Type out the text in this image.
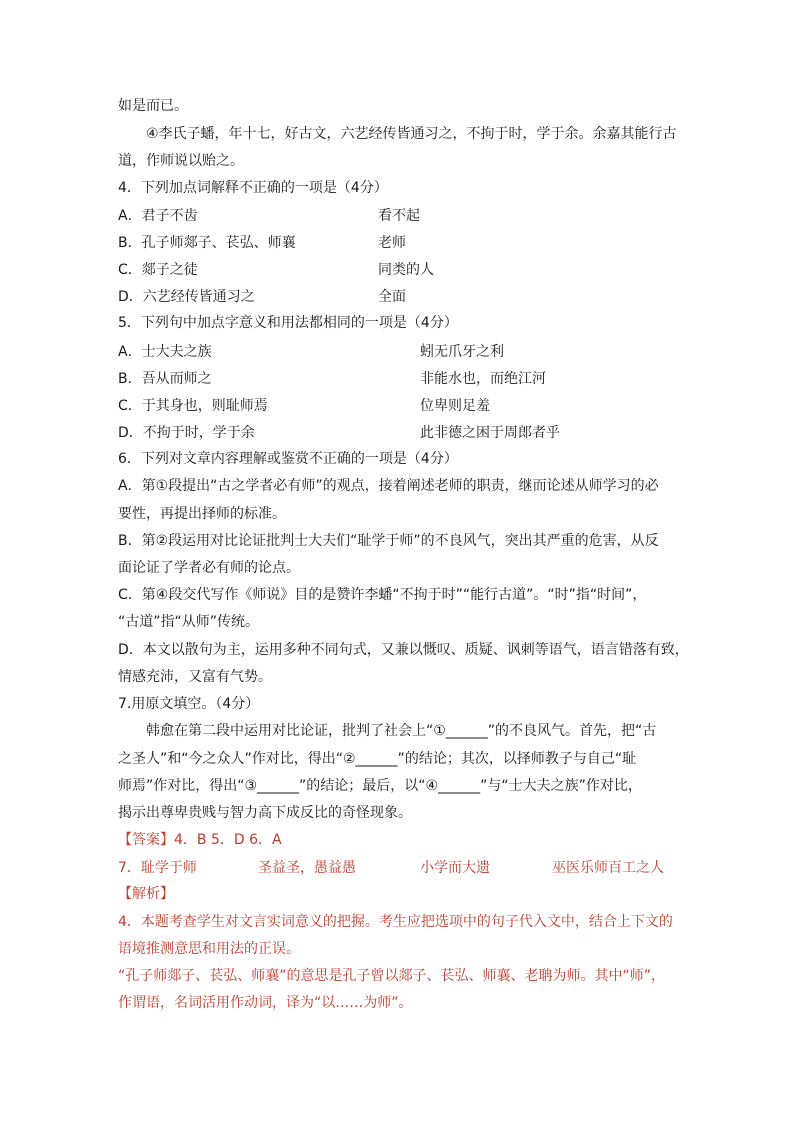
如是而已。
④李氏子蟠，年十七，好古文，六艺经传皆通习之，不拘于时，学于余。余嘉其能行古
道，作师说以贻之。
4．下列加点词解释不正确的一项是（4分）
A．君子不齿	看不起
B．孔子师郯子、苌弘、师襄	老师
C．郯子之徒	同类的人
D．六艺经传皆通习之	全面
5．下列句中加点字意义和用法都相同的一项是（4分）
A．士大夫之族	蚓无爪牙之利
B．吾从而师之	非能水也，而绝江河
C．于其身也，则耻师焉	位卑则足羞
D．不拘于时，学于余	此非德之困于周郎者乎
6．下列对文章内容理解或鉴赏不正确的一项是（4分）
A．第①段提出“古之学者必有师”的观点，接着阐述老师的职责，继而论述从师学习的必
要性，再提出择师的标准。
B．第②段运用对比论证批判士大夫们“耻学于师”的不良风气，突出其严重的危害，从反
面论证了学者必有师的论点。
C．第④段交代写作《师说》目的是赞许李蟠“不拘于时”“能行古道”。“时”指“时间”，
“古道”指“从师”传统。
D．本文以散句为主，运用多种不同句式，又兼以慨叹、质疑、讽刺等语气，语言错落有致，
情感充沛，又富有气势。
7.用原文填空。（4分）
韩愈在第二段中运用对比论证，批判了社会上“①______”的不良风气。首先，把“古
之圣人”和“今之众人”作对比，得出“②______”的结论；其次，以择师教子与自己“耻
师焉”作对比，得出“③______”的结论；最后，以“④______”与“士大夫之族”作对比，
揭示出尊卑贵贱与智力高下成反比的奇怪现象。
【答案】4．B 5．D 6．A
7．耻学于师	圣益圣，愚益愚	小学而大遗	巫医乐师百工之人
【解析】
4．本题考查学生对文言实词意义的把握。考生应把选项中的句子代入文中，结合上下文的
语境推测意思和用法的正误。
“孔子师郯子、苌弘、师襄”的意思是孔子曾以郯子、苌弘、师襄、老聃为师。其中“师”，
作谓语，名词活用作动词，译为“以……为师”。
